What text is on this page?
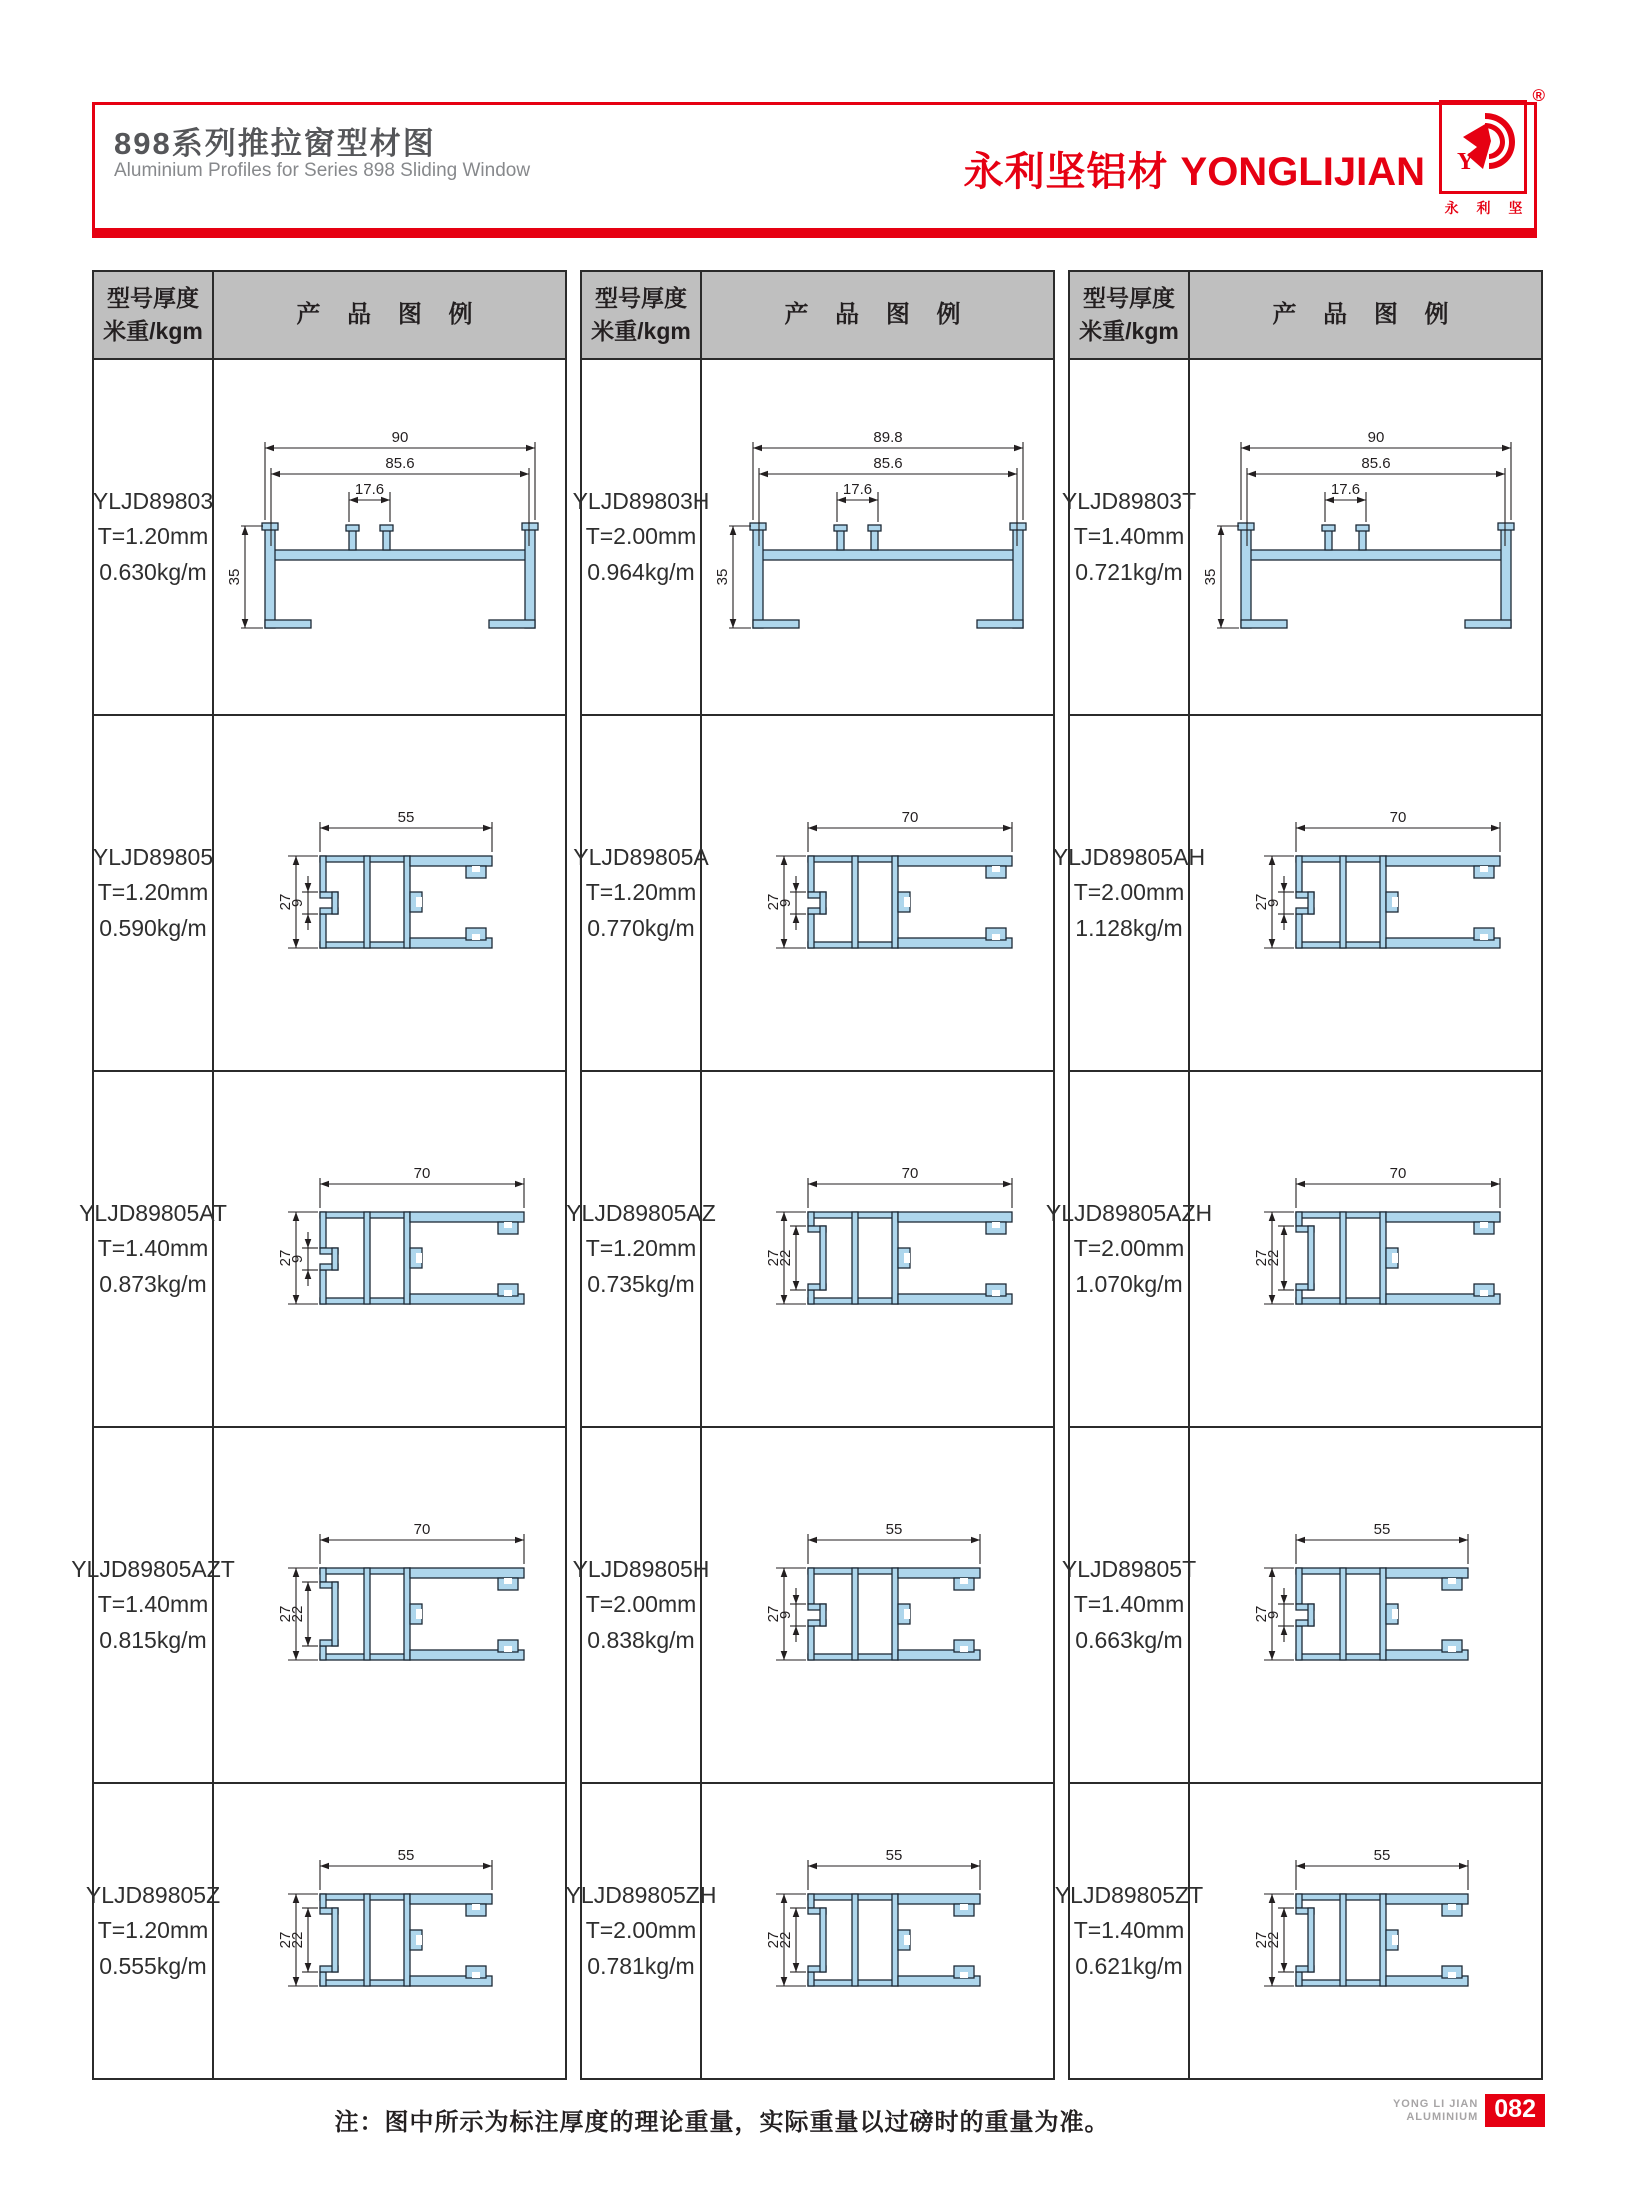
898系列推拉窗型材图
Aluminium Profiles for Series 898 Sliding Window	永利坚铝材 YONGLIJIAN Y
®
永 利 坚
型号厚度
米重/kgm
产 品 图 例
YLJD89803
T=1.20mm
0.630kg/m
90
85.6
17.6
35
YLJD89805
T=1.20mm
0.590kg/m
55
27
9
YLJD89805AT
T=1.40mm
0.873kg/m
70
27
9
YLJD89805AZT
T=1.40mm
0.815kg/m
70
27
22
YLJD89805Z
T=1.20mm
0.555kg/m
55
27
22
型号厚度
米重/kgm
产 品 图 例
YLJD89803H
T=2.00mm
0.964kg/m
89.8
85.6
17.6
35
YLJD89805A
T=1.20mm
0.770kg/m
70
27
9
YLJD89805AZ
T=1.20mm
0.735kg/m
70
27
22
YLJD89805H
T=2.00mm
0.838kg/m
55
27
9
YLJD89805ZH
T=2.00mm
0.781kg/m
55
27
22
型号厚度
米重/kgm
产 品 图 例
YLJD89803T
T=1.40mm
0.721kg/m
90
85.6
17.6
35
YLJD89805AH
T=2.00mm
1.128kg/m
70
27
9
YLJD89805AZH
T=2.00mm
1.070kg/m
70
27
22
YLJD89805T
T=1.40mm
0.663kg/m
55
27
9
YLJD89805ZT
T=1.40mm
0.621kg/m
55
27
22
注：图中所示为标注厚度的理论重量，实际重量以过磅时的重量为准。
YONG LI JIAN
ALUMINIUM 082
